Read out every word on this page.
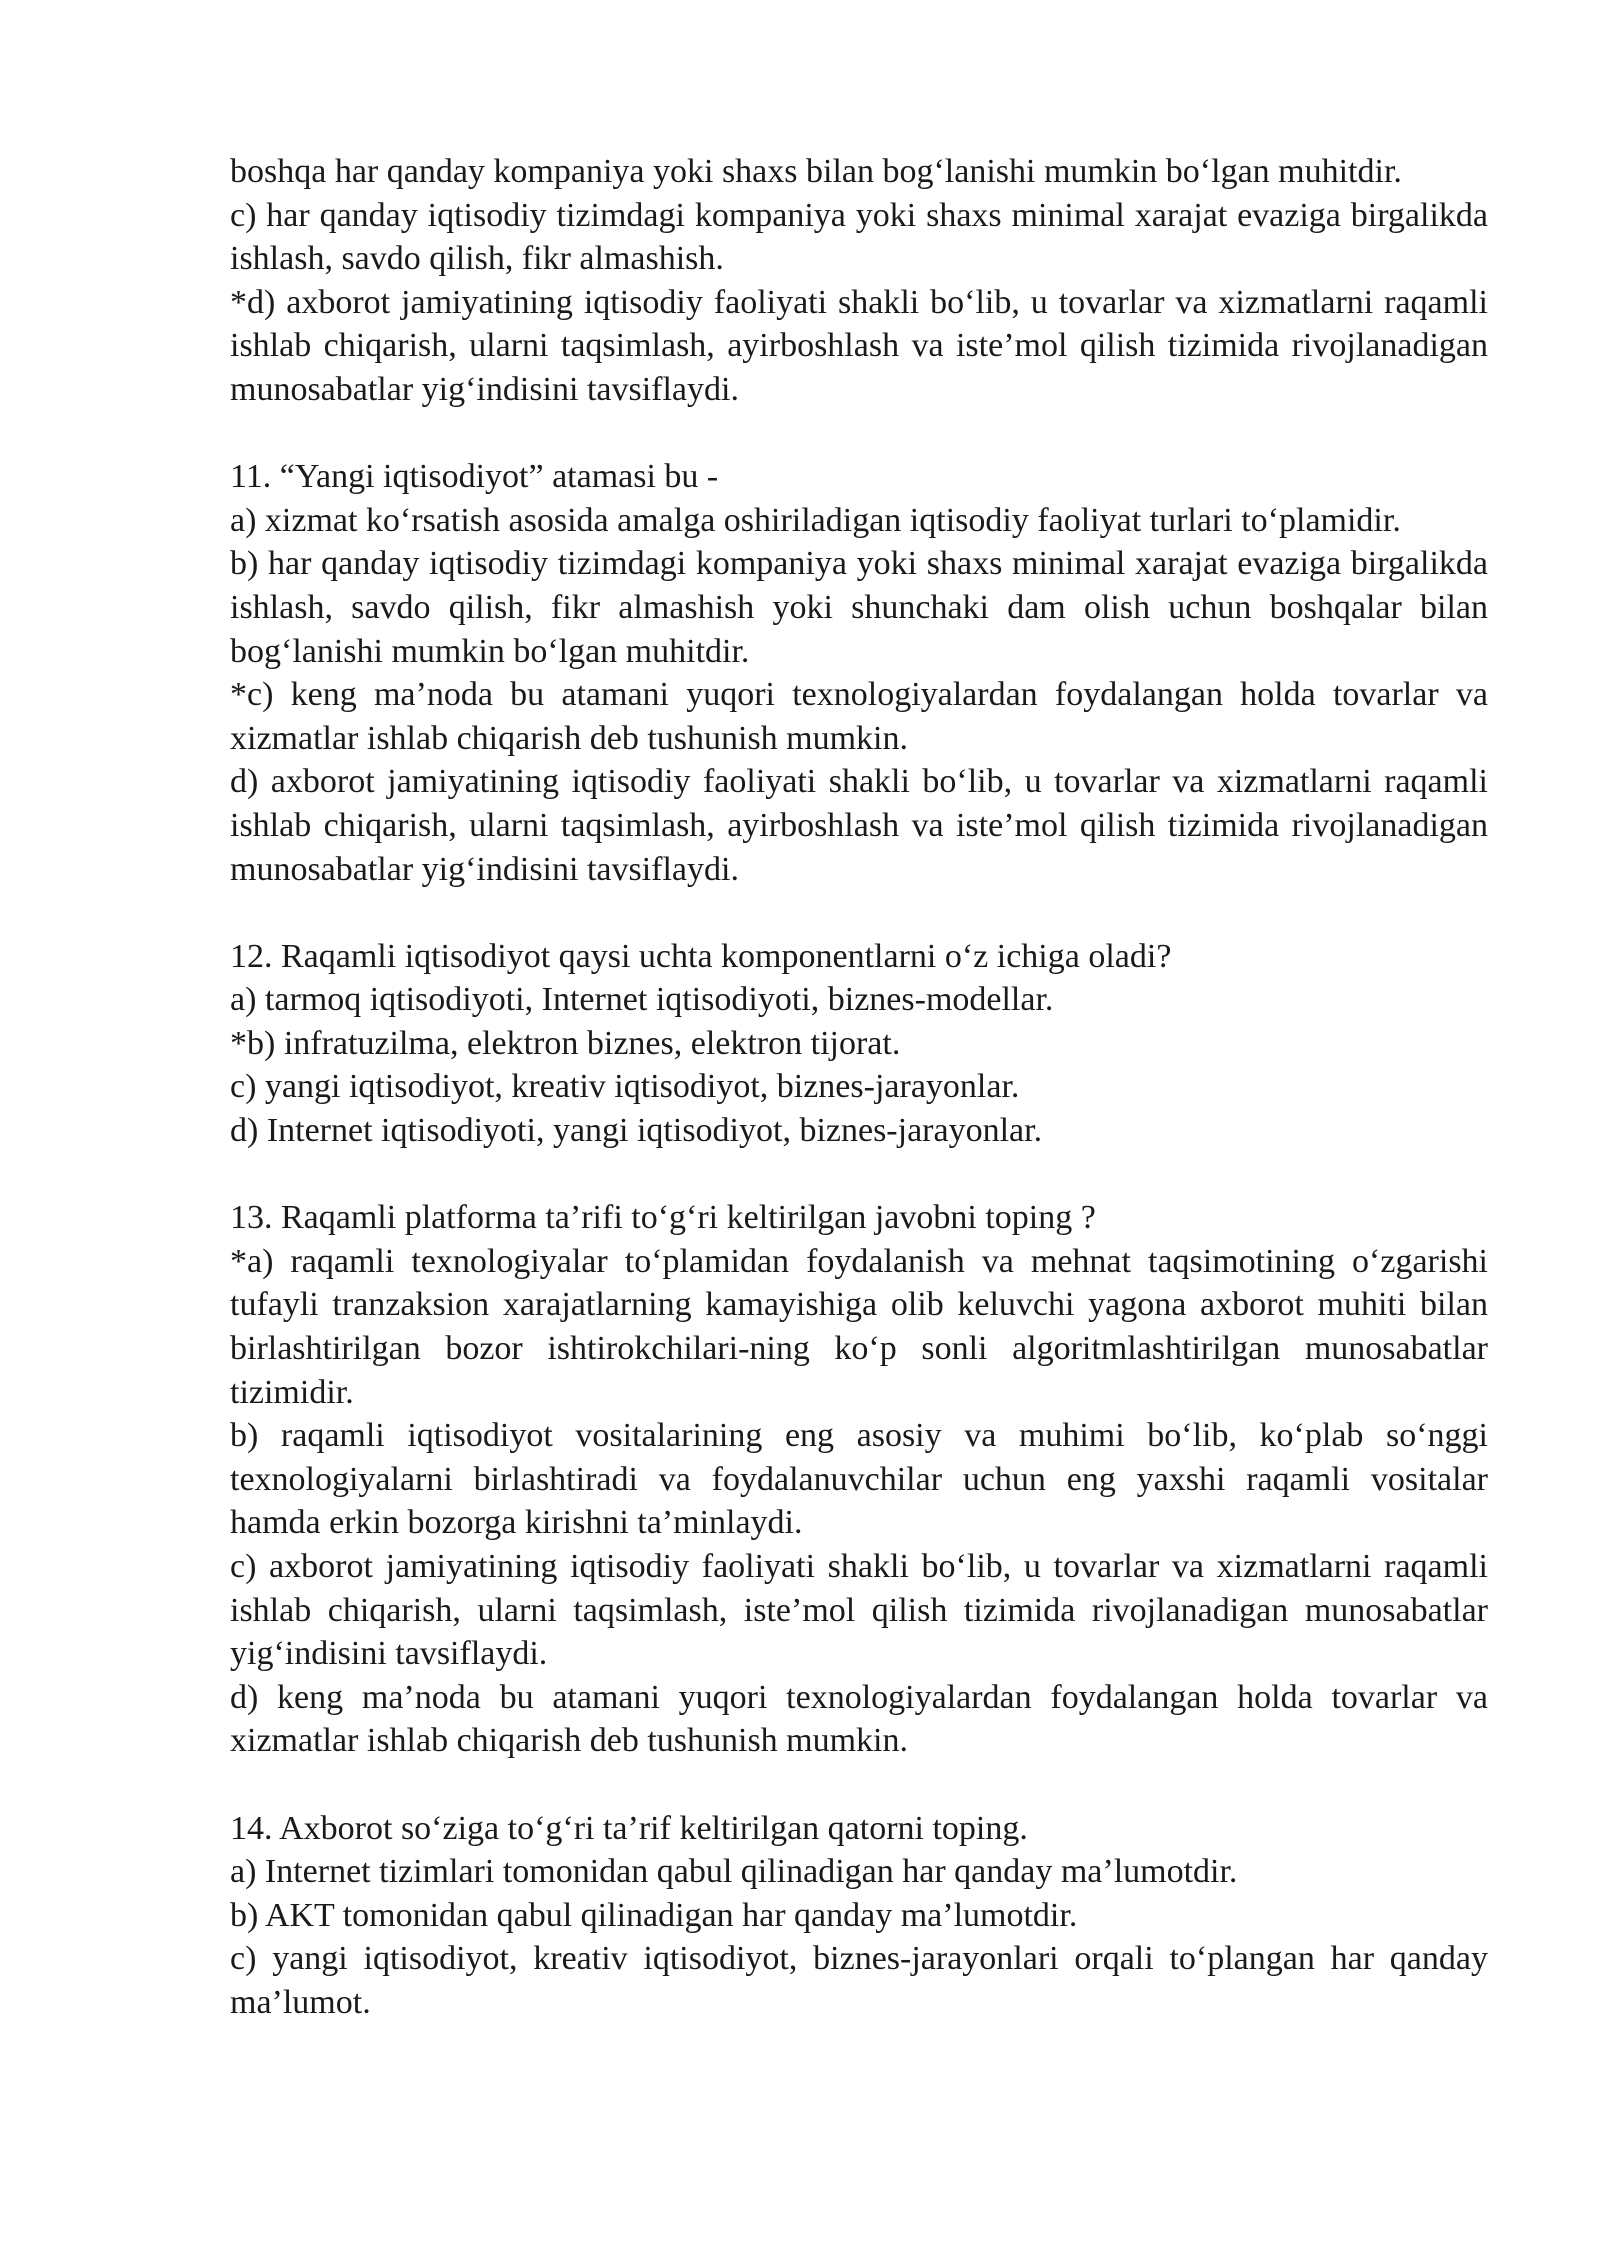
boshqa har qanday kompaniya yoki shaxs bilan bog‘lanishi mumkin bo‘lgan muhitdir.

c) har qanday iqtisodiy tizimdagi kompaniya yoki shaxs minimal xarajat evaziga birgalikda ishlash, savdo qilish, fikr almashish.

*d) axborot jamiyatining iqtisodiy faoliyati shakli bo‘lib, u tovarlar va xizmatlarni raqamli ishlab chiqarish, ularni taqsimlash, ayirboshlash va iste’mol qilish tizimida rivojlanadigan munosabatlar yig‘indisini tavsiflaydi.

11. “Yangi iqtisodiyot” atamasi bu -

a) xizmat ko‘rsatish asosida amalga oshiriladigan iqtisodiy faoliyat turlari to‘plamidir.

b) har qanday iqtisodiy tizimdagi kompaniya yoki shaxs minimal xarajat evaziga birgalikda ishlash, savdo qilish, fikr almashish yoki shunchaki dam olish uchun boshqalar bilan bog‘lanishi mumkin bo‘lgan muhitdir.

*c) keng ma’noda bu atamani yuqori texnologiyalardan foydalangan holda tovarlar va xizmatlar ishlab chiqarish deb tushunish mumkin.

d) axborot jamiyatining iqtisodiy faoliyati shakli bo‘lib, u tovarlar va xizmatlarni raqamli ishlab chiqarish, ularni taqsimlash, ayirboshlash va iste’mol qilish tizimida rivojlanadigan munosabatlar yig‘indisini tavsiflaydi.

12. Raqamli iqtisodiyot qaysi uchta komponentlarni o‘z ichiga oladi?

a) tarmoq iqtisodiyoti, Internet iqtisodiyoti, biznes-modellar.

*b) infratuzilma, elektron biznes, elektron tijorat.

c) yangi iqtisodiyot, kreativ iqtisodiyot, biznes-jarayonlar.

d) Internet iqtisodiyoti, yangi iqtisodiyot, biznes-jarayonlar.

13. Raqamli platforma ta’rifi to‘g‘ri keltirilgan javobni toping ?

*a) raqamli texnologiyalar to‘plamidan foydalanish va mehnat taqsimotining o‘zgarishi tufayli tranzaksion xarajatlarning kamayishiga olib keluvchi yagona axborot muhiti bilan birlashtirilgan bozor ishtirokchilari-ning ko‘p sonli algoritmlashtirilgan munosabatlar tizimidir.

b) raqamli iqtisodiyot vositalarining eng asosiy va muhimi bo‘lib, ko‘plab so‘nggi texnologiyalarni birlashtiradi va foydalanuvchilar uchun eng yaxshi raqamli vositalar hamda erkin bozorga kirishni ta’minlaydi.

c) axborot jamiyatining iqtisodiy faoliyati shakli bo‘lib, u tovarlar va xizmatlarni raqamli ishlab chiqarish, ularni taqsimlash, iste’mol qilish tizimida rivojlanadigan munosabatlar yig‘indisini tavsiflaydi.

d) keng ma’noda bu atamani yuqori texnologiyalardan foydalangan holda tovarlar va xizmatlar ishlab chiqarish deb tushunish mumkin.

14. Axborot so‘ziga to‘g‘ri ta’rif keltirilgan qatorni toping.

a) Internet tizimlari tomonidan qabul qilinadigan har qanday ma’lumotdir.

b) AKT tomonidan qabul qilinadigan har qanday ma’lumotdir.

c) yangi iqtisodiyot, kreativ iqtisodiyot, biznes-jarayonlari orqali to‘plangan har qanday ma’lumot.
